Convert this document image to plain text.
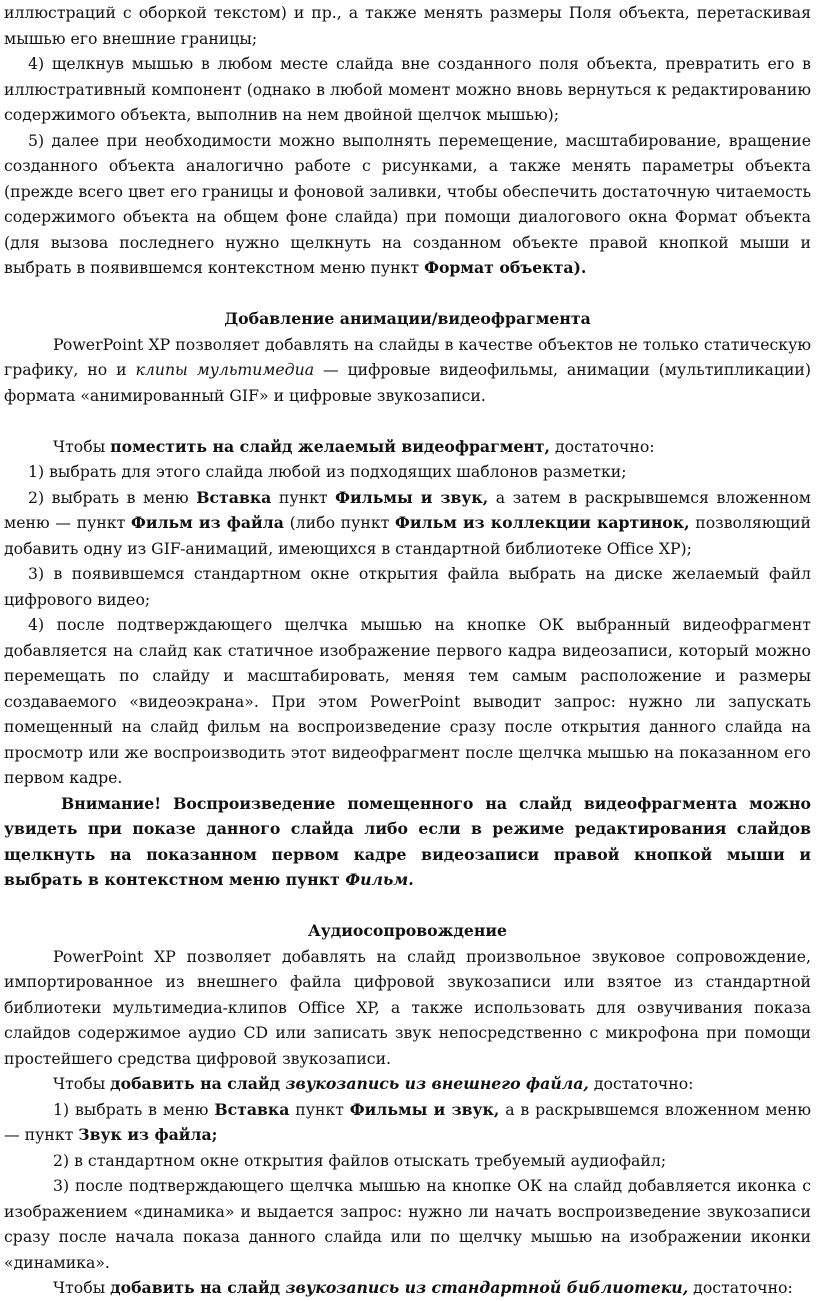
иллюстраций с оборкой текстом) и пр., а также менять размеры Поля объекта, перетаскивая мышью его внешние границы;

4) щелкнув мышью в любом месте слайда вне созданного поля объекта, превратить его в иллюстративный компонент (однако в любой момент можно вновь вернуться к редактированию содержимого объекта, выполнив на нем двойной щелчок мышью);

5) далее при необходимости можно выполнять перемещение, масштабирование, вращение созданного объекта аналогично работе с рисунками, а также менять параметры объекта (прежде всего цвет его границы и фоновой заливки, чтобы обеспечить достаточную читаемость содержимого объекта на общем фоне слайда) при помощи диалогового окна Формат объекта (для вызова последнего нужно щелкнуть на созданном объекте правой кнопкой мыши и выбрать в появившемся контекстном меню пункт Формат объекта).

Добавление анимации/видеофрагмента

PowerPoint XP позволяет добавлять на слайды в качестве объектов не только статическую графику, но и клипы мультимедиа — цифровые видеофильмы, анимации (мультипликации) формата «анимированный GIF» и цифровые звукозаписи.

Чтобы поместить на слайд желаемый видеофрагмент, достаточно:

1) выбрать для этого слайда любой из подходящих шаблонов разметки;

2) выбрать в меню Вставка пункт Фильмы и звук, а затем в раскрывшемся вложенном меню — пункт Фильм из файла (либо пункт Фильм из коллекции картинок, позволяющий добавить одну из GIF-анимаций, имеющихся в стандартной библиотеке Office XP);

3) в появившемся стандартном окне открытия файла выбрать на диске желаемый файл цифрового видео;

4) после подтверждающего щелчка мышью на кнопке ОК выбранный видеофрагмент добавляется на слайд как статичное изображение первого кадра видеозаписи, который можно перемещать по слайду и масштабировать, меняя тем самым расположение и размеры создаваемого «видеоэкрана». При этом PowerPoint выводит запрос: нужно ли запускать помещенный на слайд фильм на воспроизведение сразу после открытия данного слайда на просмотр или же воспроизводить этот видеофрагмент после щелчка мышью на показанном его первом кадре.

Внимание! Воспроизведение помещенного на слайд видеофрагмента можно увидеть при показе данного слайда либо если в режиме редактирования слайдов щелкнуть на показанном первом кадре видеозаписи правой кнопкой мыши и выбрать в контекстном меню пункт Фильм.

Аудиосопровождение

PowerPoint XP позволяет добавлять на слайд произвольное звуковое сопровождение, импортированное из внешнего файла цифровой звукозаписи или взятое из стандартной библиотеки мультимедиа-клипов Office XP, а также использовать для озвучивания показа слайдов содержимое аудио CD или записать звук непосредственно с микрофона при помощи простейшего средства цифровой звукозаписи.

Чтобы добавить на слайд звукозапись из внешнего файла, достаточно:

1) выбрать в меню Вставка пункт Фильмы и звук, а в раскрывшемся вложенном меню — пункт Звук из файла;

2) в стандартном окне открытия файлов отыскать требуемый аудиофайл;

3) после подтверждающего щелчка мышью на кнопке ОК на слайд добавляется иконка с изображением «динамика» и выдается запрос: нужно ли начать воспроизведение звукозаписи сразу после начала показа данного слайда или по щелчку мышью на изображении иконки «динамика».

Чтобы добавить на слайд звукозапись из стандартной библиотеки, достаточно:
